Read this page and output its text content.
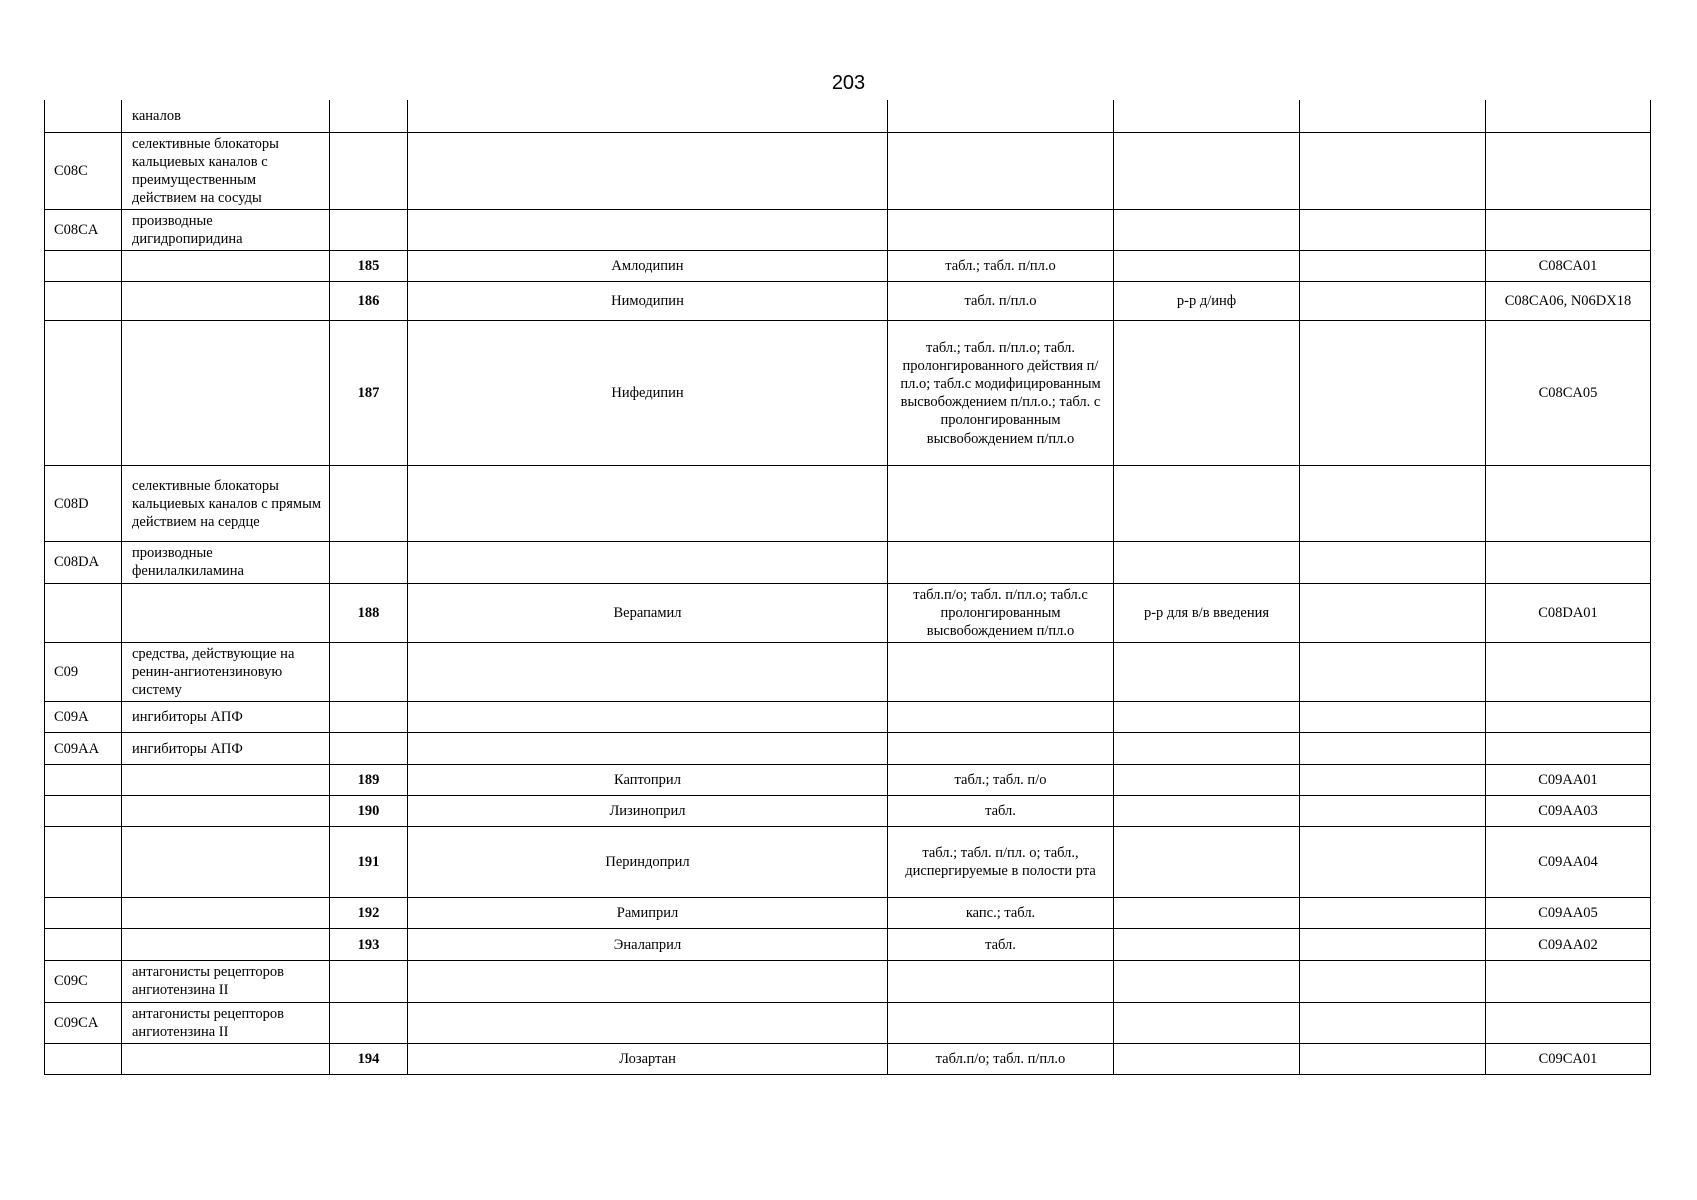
203
	каналов						
C08C	селективные блокаторы кальциевых каналов с преимущественным действием на сосуды						
C08CA	производные дигидропиридина						
		185	Амлодипин	табл.; табл. п/пл.о			C08CA01
		186	Нимодипин	табл. п/пл.о	р-р д/инф		C08CA06, N06DX18
		187	Нифедипин	табл.; табл. п/пл.о; табл. пролонгированного действия п/пл.о; табл.с модифицированным высвобождением п/пл.о.; табл. с пролонгированным высвобождением п/пл.о			C08CA05
C08D	селективные блокаторы кальциевых каналов с прямым действием на сердце						
C08DA	производные фенилалкиламина						
		188	Верапамил	табл.п/о; табл. п/пл.о; табл.с пролонгированным высвобождением п/пл.о	р-р для в/в введения		C08DA01
C09	средства, действующие на ренин-ангиотензиновую систему						
C09A	ингибиторы АПФ						
C09AA	ингибиторы АПФ						
		189	Каптоприл	табл.; табл. п/о			C09AA01
		190	Лизиноприл	табл.			C09AA03
		191	Периндоприл	табл.; табл. п/пл. о; табл., диспергируемые в полости рта			C09AA04
		192	Рамиприл	капс.; табл.			C09AA05
		193	Эналаприл	табл.			C09AA02
C09C	антагонисты рецепторов ангиотензина II						
C09CA	антагонисты рецепторов ангиотензина II						
		194	Лозартан	табл.п/о; табл. п/пл.о			C09CA01
